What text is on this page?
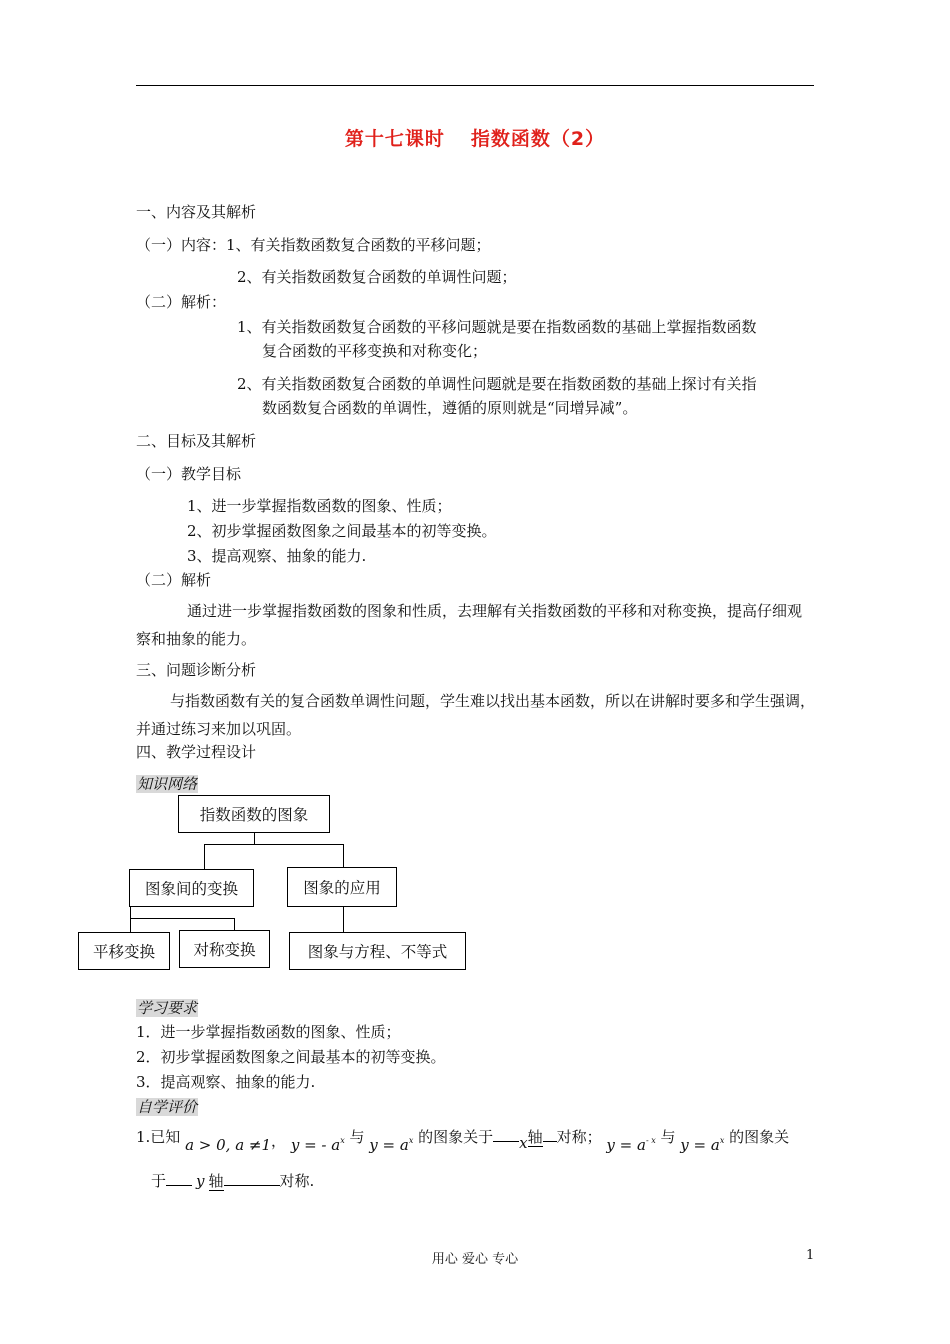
第十七课时 指数函数（2）
一、内容及其解析
（一）内容：1、有关指数函数复合函数的平移问题；
2、有关指数函数复合函数的单调性问题；
（二）解析：
1、有关指数函数复合函数的平移问题就是要在指数函数的基础上掌握指数函数
复合函数的平移变换和对称变化；
2、有关指数函数复合函数的单调性问题就是要在指数函数的基础上探讨有关指
数函数复合函数的单调性，遵循的原则就是“同增异减”。
二、目标及其解析
（一）教学目标
1、进一步掌握指数函数的图象、性质；
2、初步掌握函数图象之间最基本的初等变换。
3、提高观察、抽象的能力.
（二）解析
通过进一步掌握指数函数的图象和性质，去理解有关指数函数的平移和对称变换，提高仔细观察和抽象的能力。
三、问题诊断分析
与指数函数有关的复合函数单调性问题，学生难以找出基本函数，所以在讲解时要多和学生强调，并通过练习来加以巩固。
四、教学过程设计
知识网络
指数函数的图象
图象间的变换	图象的应用
平移变换	对称变换	图象与方程、不等式
学习要求
1．进一步掌握指数函数的图象、性质；
2．初步掌握函数图象之间最基本的初等变换。
3．提高观察、抽象的能力.
自学评价
1.已知 a > 0, a ≠1， y = - $a^x$ 与 $y = a^x$ 的图象关于 x轴 对称； $y = a^{- x}$ 与 $y = a^x$ 的图象关
于 y 轴	对称.
用心 爱心 专心	1
